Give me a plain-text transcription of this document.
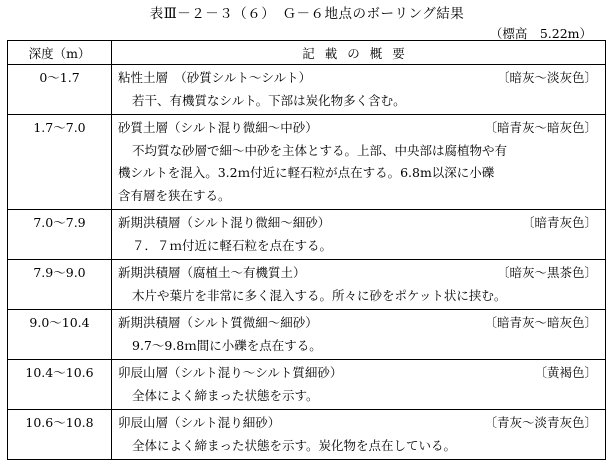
表Ⅲ－２－３（６）　Ｇ－６地点のボーリング結果
（標高　5.22m）
深度（m）	記載の概要
0～1.7	粘性土層　（砂質シルト～シルト） 〔暗灰～淡灰色〕
若干、有機質なシルト。下部は炭化物多く含む。

1.7～7.0	砂質土層（シルト混り微細～中砂） 〔暗青灰～暗灰色〕
不均質な砂層で細～中砂を主体とする。上部、中央部は腐植物や有
機シルトを混入。3.2ｍ付近に軽石粒が点在する。6.8m以深に小礫
含有層を狭在する。

7.0～7.9	新期洪積層（シルト混り微細～細砂） 〔暗青灰色〕
７．７ｍ付近に軽石粒を点在する。

7.9～9.0	新期洪積層（腐植土～有機質土） 〔暗灰～黒茶色〕
木片や葉片を非常に多く混入する。所々に砂をポケット状に挟む。

9.0～10.4	新期洪積層（シルト質微細～細砂） 〔暗青灰～暗灰色〕
9.7～9.8ｍ間に小礫を点在する。

10.4～10.6	卯辰山層（シルト混り～シルト質細砂） 〔黄褐色〕
全体によく締まった状態を示す。

10.6～10.8	卯辰山層（シルト混り細砂） 〔青灰～淡青灰色〕
全体によく締まった状態を示す。炭化物を点在している。
